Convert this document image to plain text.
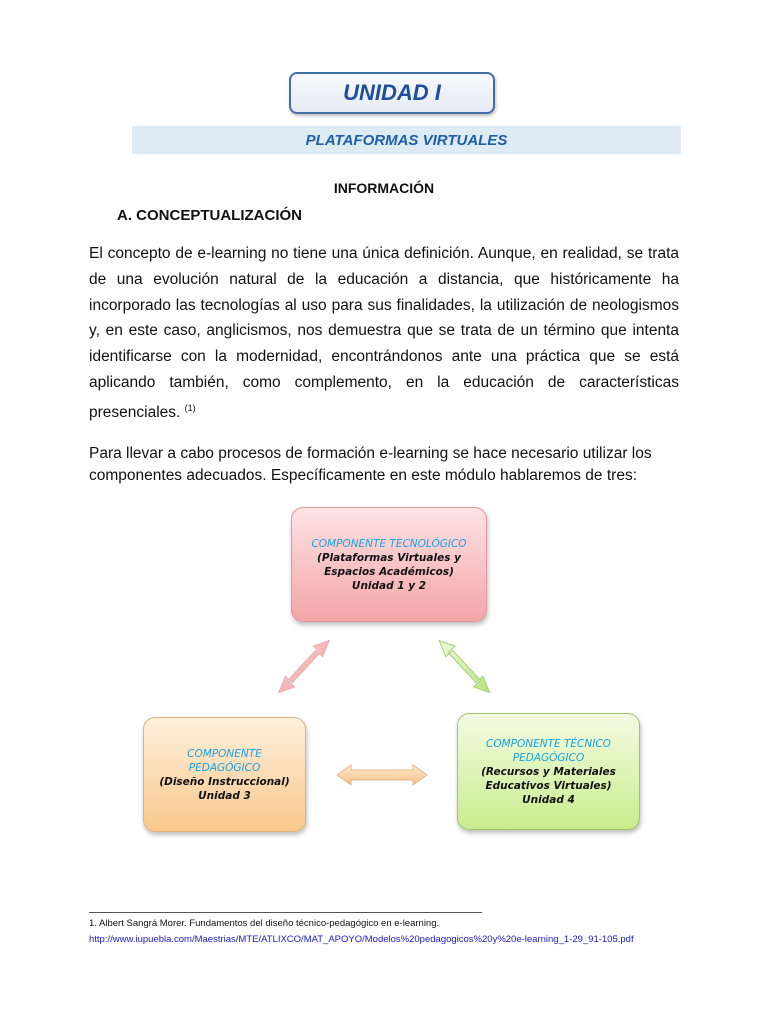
UNIDAD I
PLATAFORMAS VIRTUALES
INFORMACIÓN
A. CONCEPTUALIZACIÓN

El concepto de e-learning no tiene una única definición. Aunque, en realidad, se trata de una evolución natural de la educación a distancia, que históricamente ha incorporado las tecnologías al uso para sus finalidades, la utilización de neologismos y, en este caso, anglicismos, nos demuestra que se trata de un término que intenta identificarse con la modernidad, encontrándonos ante una práctica que se está aplicando también, como complemento, en la educación de características presenciales. $^{(1)}$

Para llevar a cabo procesos de formación e-learning se hace necesario utilizar los componentes adecuados. Específicamente en este módulo hablaremos de tres:

COMPONENTE TECNOLÓGICO
(Plataformas Virtuales y Espacios Académicos)
Unidad 1 y 2
COMPONENTE PEDAGÓGICO
(Diseño Instruccional)
Unidad 3
COMPONENTE TÉCNICO PEDAGÓGICO
(Recursos y Materiales Educativos Virtuales)
Unidad 4
1. Albert Sangrá Morer. Fundamentos del diseño técnico-pedagógico en e-learning.
http://www.iupuebla.com/Maestrias/MTE/ATLIXCO/MAT_APOYO/Modelos%20pedagogicos%20y%20e-learning_1-29_91-105.pdf
